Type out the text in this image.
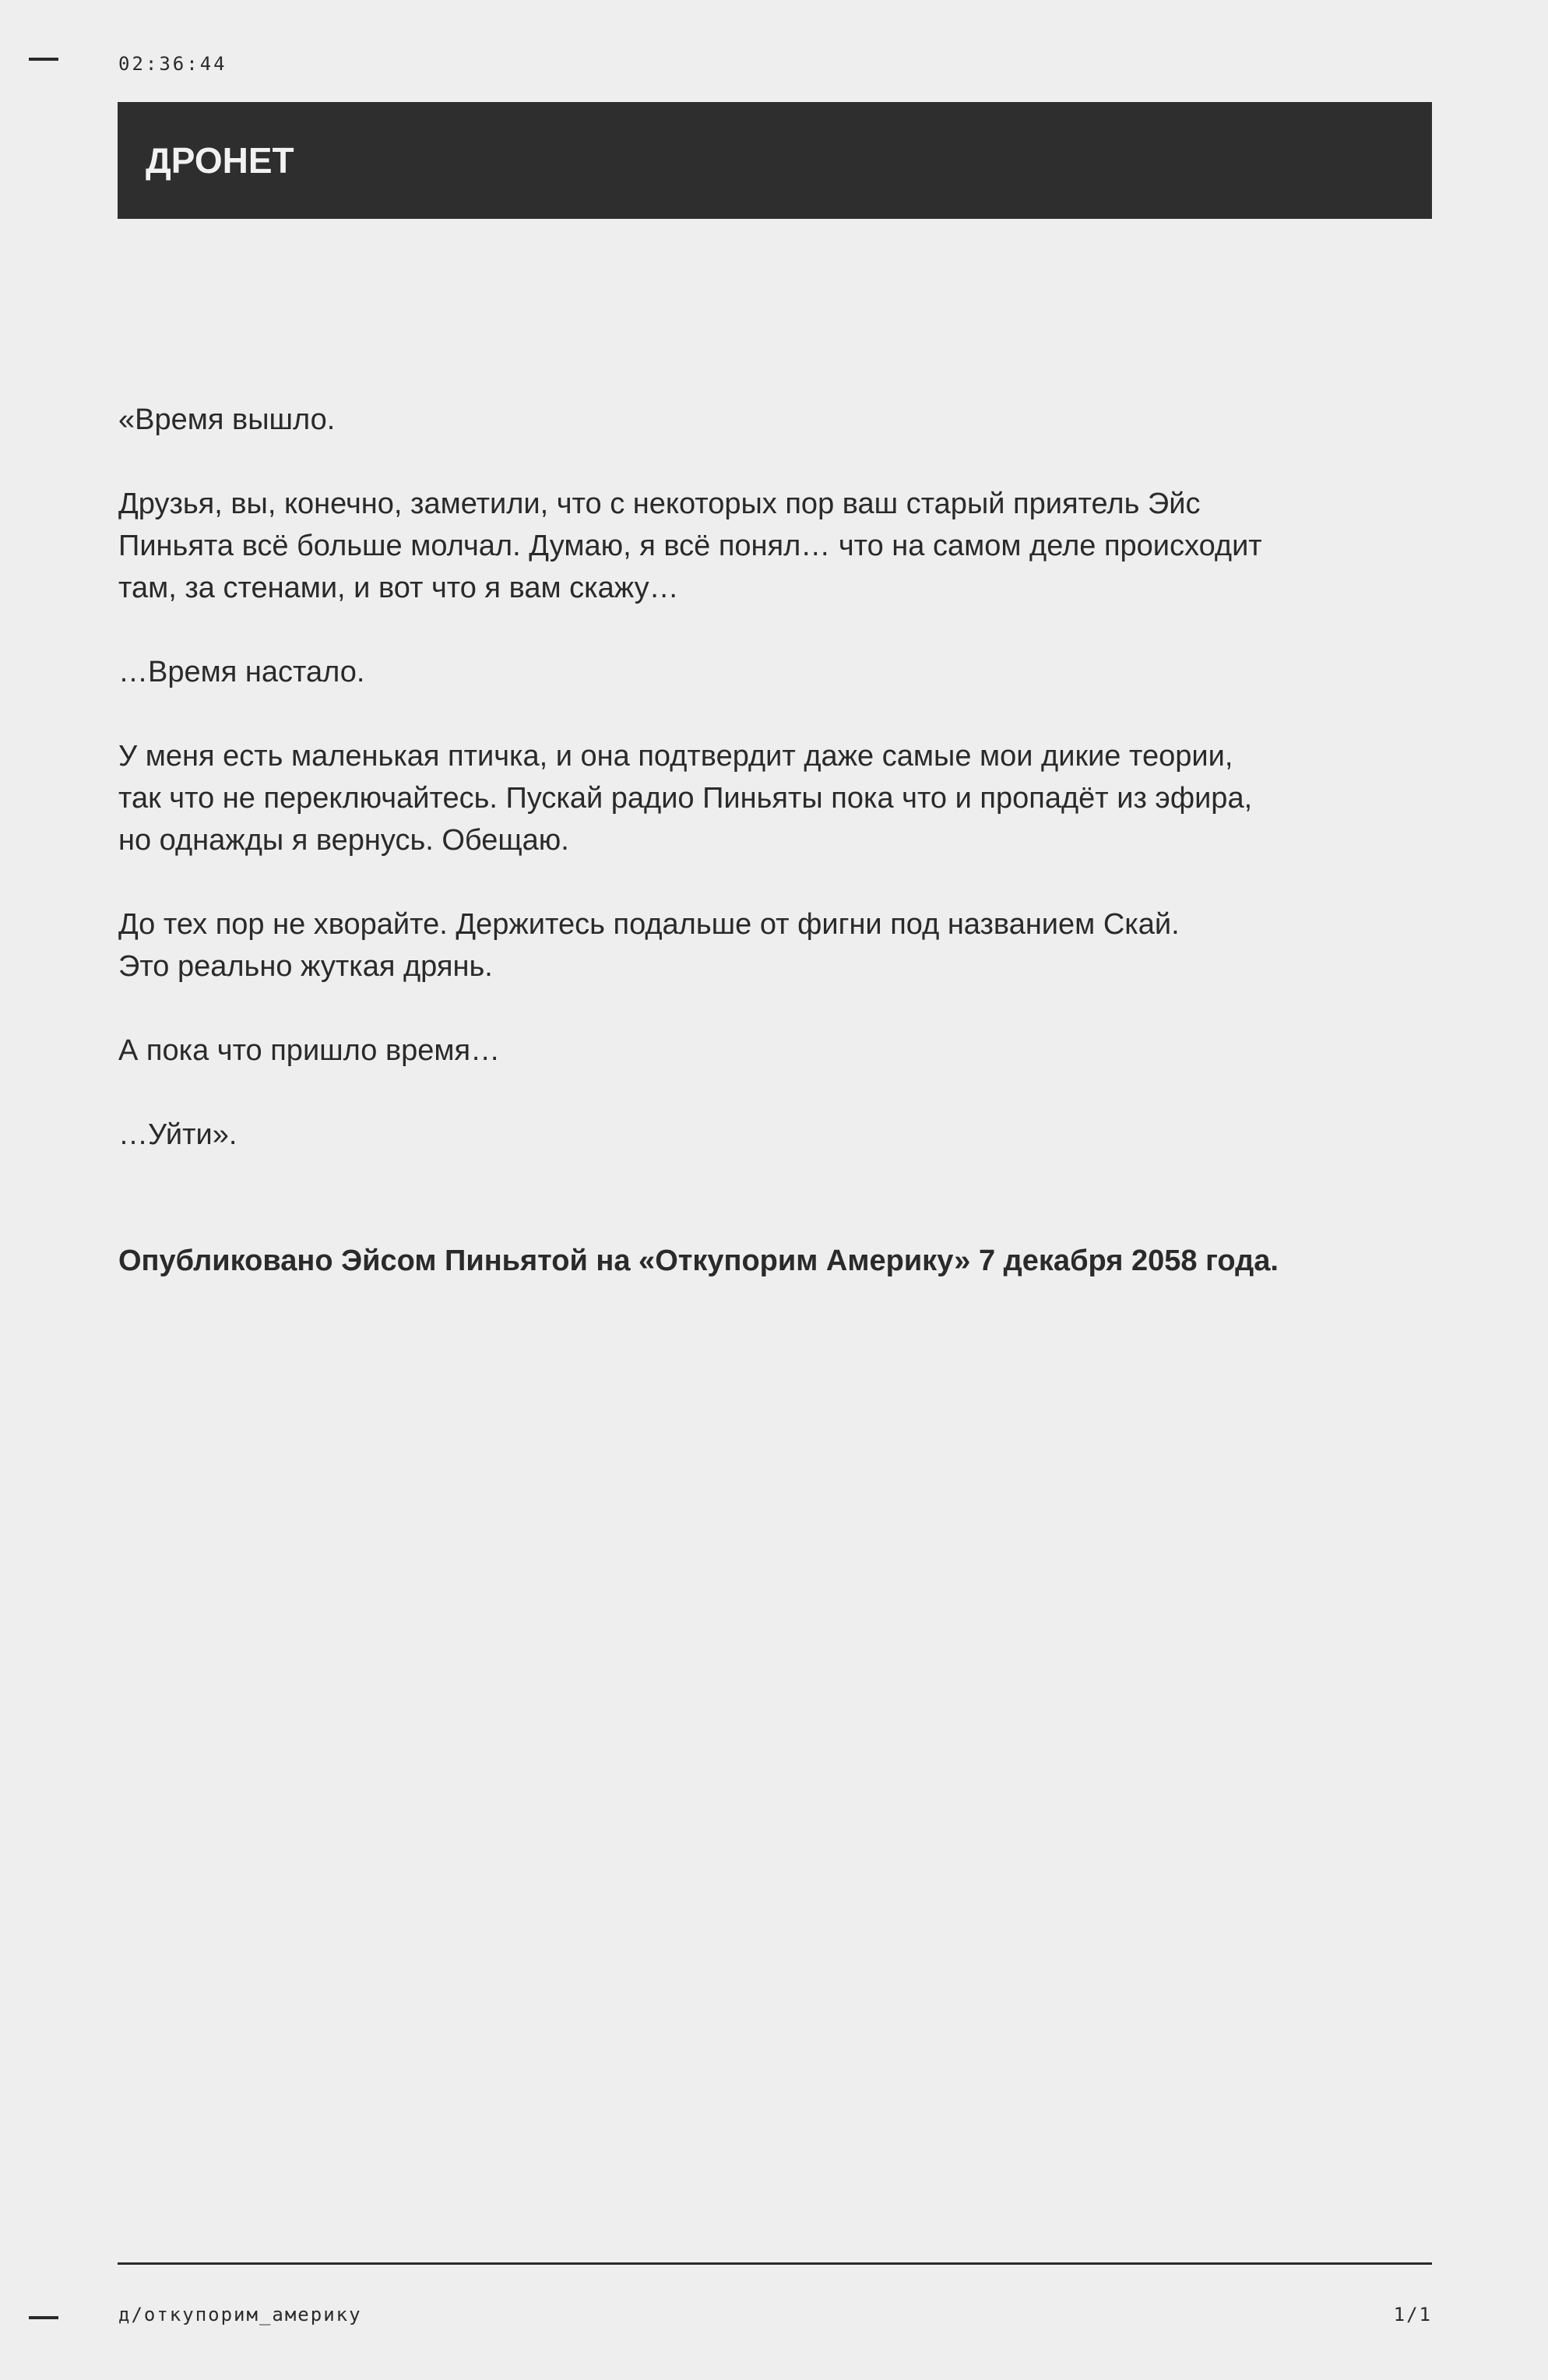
02:36:44
ДРОНЕТ

«Время вышло.

Друзья, вы, конечно, заметили, что с некоторых пор ваш старый приятель Эйс
Пиньята всё больше молчал. Думаю, я всё понял… что на самом деле происходит
там, за стенами, и вот что я вам скажу…

…Время настало.

У меня есть маленькая птичка, и она подтвердит даже самые мои дикие теории,
так что не переключайтесь. Пускай радио Пиньяты пока что и пропадёт из эфира,
но однажды я вернусь. Обещаю.

До тех пор не хворайте. Держитесь подальше от фигни под названием Скай.
Это реально жуткая дрянь.

А пока что пришло время…

…Уйти».

Опубликовано Эйсом Пиньятой на «Откупорим Америку» 7 декабря 2058 года.

д/откупорим_америку	1/1
